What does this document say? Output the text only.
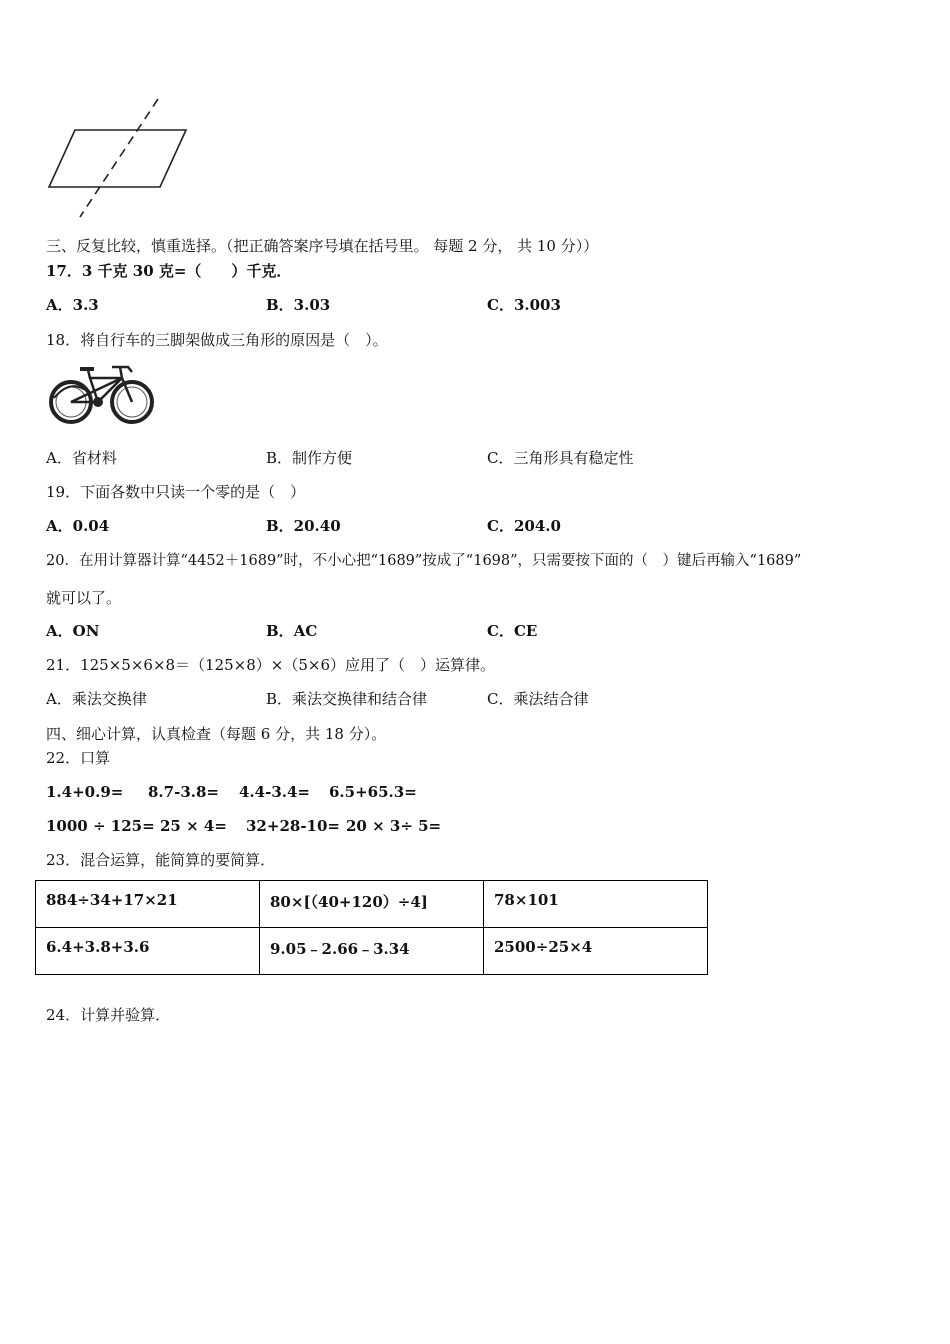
三、反复比较，慎重选择。（把正确答案序号填在括号里。 每题 2 分， 共 10 分））
17．3 千克 30 克=（　　）千克．
A．3.3	B．3.03	C．3.003
18．将自行车的三脚架做成三角形的原因是（　）。
A．省材料	B．制作方便	C．三角形具有稳定性
19．下面各数中只读一个零的是（　）
A．0.04	B．20.40	C．204.0
20．在用计算器计算“4452＋1689”时，不小心把“1689”按成了“1698”，只需要按下面的（　）键后再输入“1689”
就可以了。
A．ON	B．AC	C．CE
21．125×5×6×8＝（125×8）×（5×6）应用了（　）运算律。
A．乘法交换律	B．乘法交换律和结合律	C．乘法结合律
四、细心计算，认真检查（每题 6 分，共 18 分）。
22．口算
1.4+0.9= 8.7-3.8= 4.4-3.4= 6.5+65.3=
1000 ÷ 125= 25 × 4= 32+28-10= 20 × 3÷ 5=
23．混合运算，能简算的要简算．
884÷34+17×21	80×[（40+120）÷4]	78×101

6.4+3.8+3.6	9.05﹣2.66﹣3.34	2500÷25×4
24．计算并验算．
